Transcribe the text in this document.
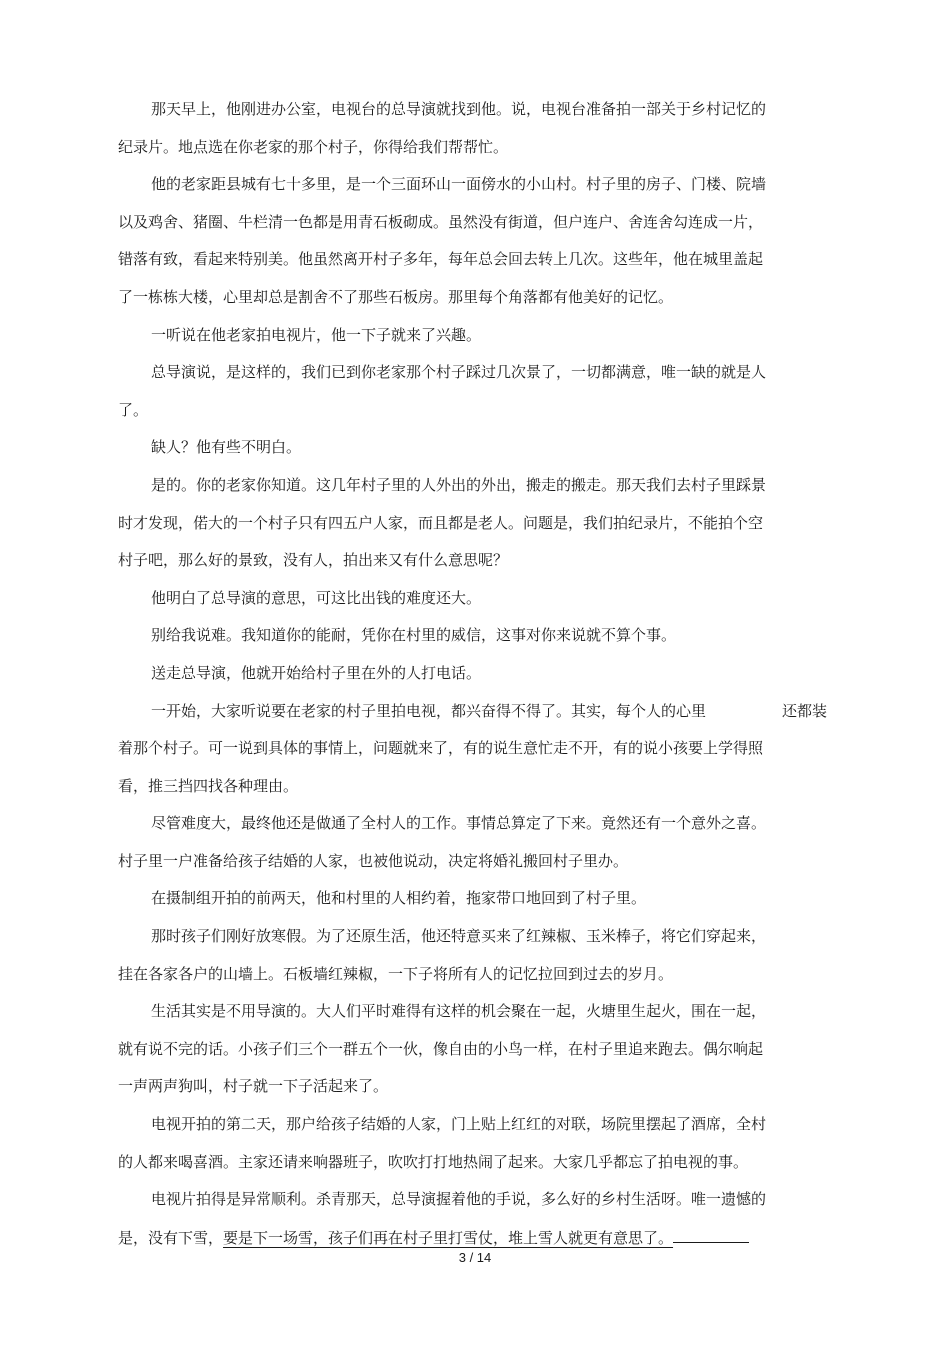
那天早上，他刚进办公室，电视台的总导演就找到他。说，电视台准备拍一部关于乡村记忆的
纪录片。地点选在你老家的那个村子，你得给我们帮帮忙。
他的老家距县城有七十多里，是一个三面环山一面傍水的小山村。村子里的房子、门楼、院墙
以及鸡舍、猪圈、牛栏清一色都是用青石板砌成。虽然没有街道，但户连户、舍连舍勾连成一片，
错落有致，看起来特别美。他虽然离开村子多年，每年总会回去转上几次。这些年，他在城里盖起
了一栋栋大楼，心里却总是割舍不了那些石板房。那里每个角落都有他美好的记忆。
一听说在他老家拍电视片，他一下子就来了兴趣。
总导演说，是这样的，我们已到你老家那个村子踩过几次景了，一切都满意，唯一缺的就是人
了。
缺人？他有些不明白。
是的。你的老家你知道。这几年村子里的人外出的外出，搬走的搬走。那天我们去村子里踩景
时才发现，偌大的一个村子只有四五户人家，而且都是老人。问题是，我们拍纪录片，不能拍个空
村子吧，那么好的景致，没有人，拍出来又有什么意思呢？
他明白了总导演的意思，可这比出钱的难度还大。
别给我说难。我知道你的能耐，凭你在村里的威信，这事对你来说就不算个事。
送走总导演，他就开始给村子里在外的人打电话。
一开始，大家听说要在老家的村子里拍电视，都兴奋得不得了。其实，每个人的心里	还都装
着那个村子。可一说到具体的事情上，问题就来了，有的说生意忙走不开，有的说小孩要上学得照
看，推三挡四找各种理由。
尽管难度大，最终他还是做通了全村人的工作。事情总算定了下来。竟然还有一个意外之喜。
村子里一户准备给孩子结婚的人家，也被他说动，决定将婚礼搬回村子里办。
在摄制组开拍的前两天，他和村里的人相约着，拖家带口地回到了村子里。
那时孩子们刚好放寒假。为了还原生活，他还特意买来了红辣椒、玉米棒子，将它们穿起来，
挂在各家各户的山墙上。石板墙红辣椒，一下子将所有人的记忆拉回到过去的岁月。
生活其实是不用导演的。大人们平时难得有这样的机会聚在一起，火塘里生起火，围在一起，
就有说不完的话。小孩子们三个一群五个一伙，像自由的小鸟一样，在村子里追来跑去。偶尔响起
一声两声狗叫，村子就一下子活起来了。
电视开拍的第二天，那户给孩子结婚的人家，门上贴上红红的对联，场院里摆起了酒席，全村
的人都来喝喜酒。主家还请来响器班子，吹吹打打地热闹了起来。大家几乎都忘了拍电视的事。
电视片拍得是异常顺利。杀青那天，总导演握着他的手说，多么好的乡村生活呀。唯一遗憾的
是，没有下雪，要是下一场雪，孩子们再在村子里打雪仗，堆上雪人就更有意思了。
3 / 14
